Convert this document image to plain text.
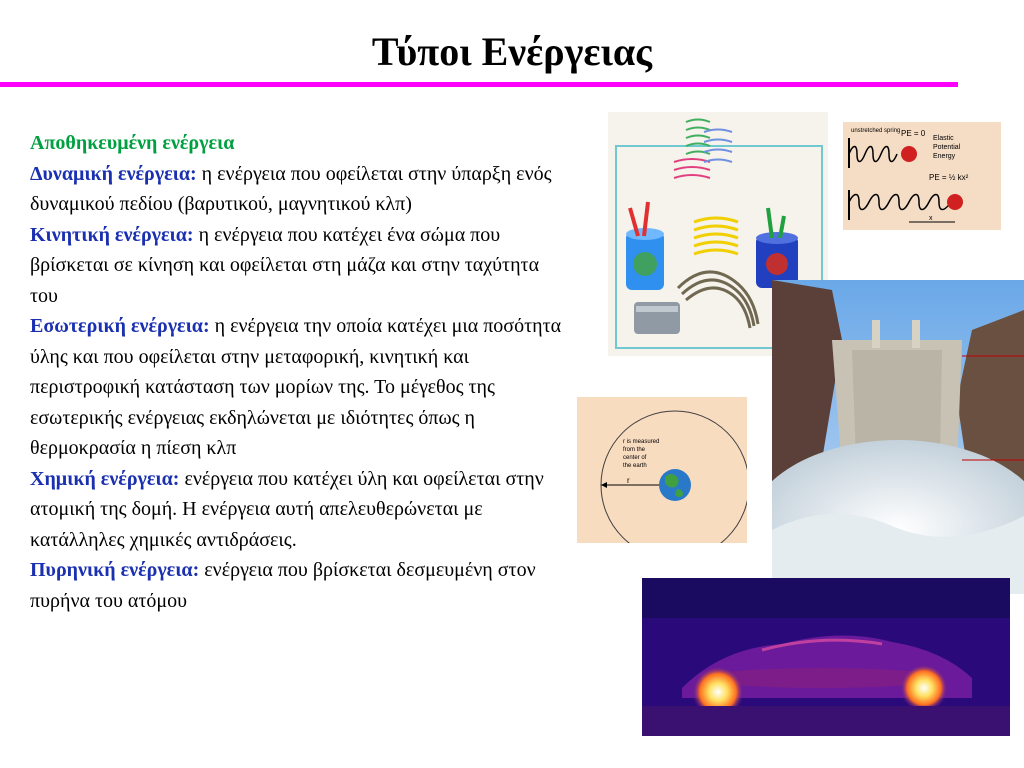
Τύποι Ενέργειας

Αποθηκευμένη ενέργεια

Δυναμική ενέργεια: η ενέργεια που οφείλεται στην ύπαρξη ενός δυναμικού πεδίου (βαρυτικού, μαγνητικού κλπ)

Κινητική ενέργεια: η ενέργεια που κατέχει ένα σώμα που βρίσκεται σε κίνηση και οφείλεται στη μάζα και στην ταχύτητα του

Εσωτερική ενέργεια: η ενέργεια την οποία κατέχει μια ποσότητα ύλης και που οφείλεται στην μεταφορική, κινητική και περιστροφική κατάσταση των μορίων της. Το μέγεθος της εσωτερικής ενέργειας εκδηλώνεται με ιδιότητες όπως η θερμοκρασία η πίεση κλπ

Χημική ενέργεια: ενέργεια που κατέχει ύλη και οφείλεται στην ατομική της δομή. Η ενέργεια αυτή απελευθερώνεται με κατάλληλες χημικές αντιδράσεις.

Πυρηνική ενέργεια: ενέργεια που βρίσκεται δεσμευμένη στον πυρήνα του ατόμου

unstretched spring PE = 0
Elastic
Potential
Energy
PE = ½ kx²
x
r is measured
from the
center of
the earth
r
